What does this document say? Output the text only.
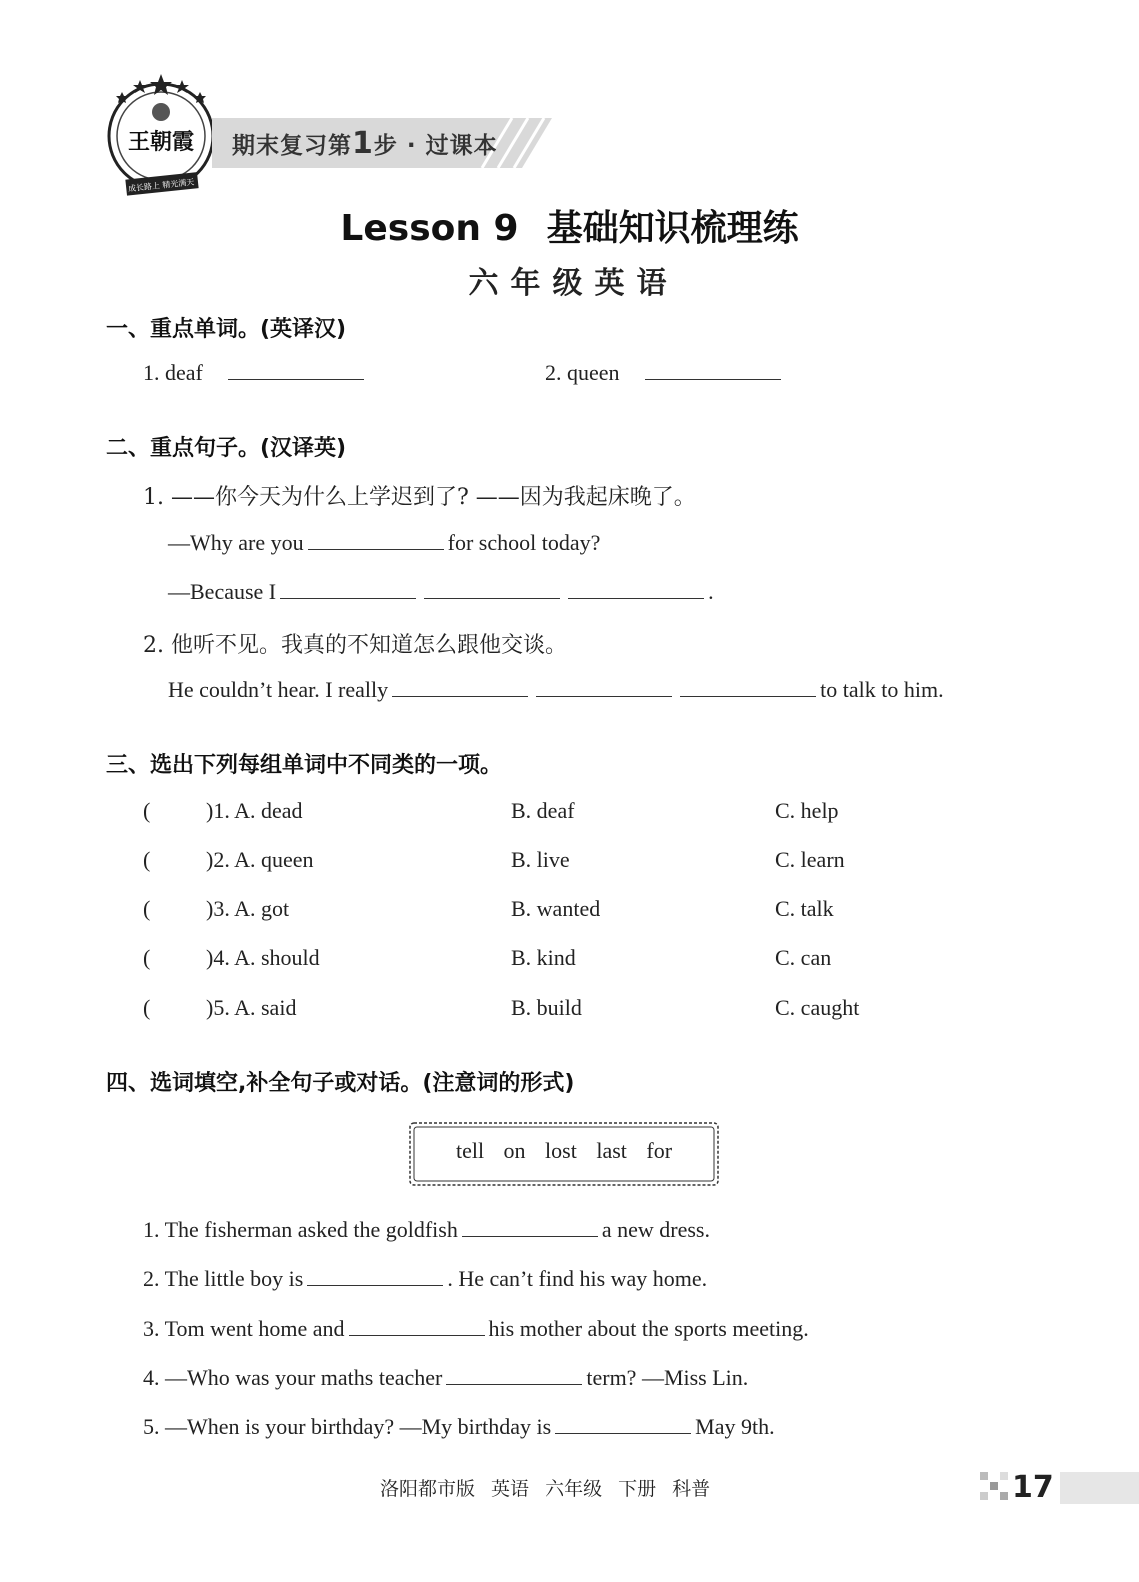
王朝霞
成长路上 精光满天
期末复习第1步 · 过课本
Lesson 9 基础知识梳理练
六年级英语
一、重点单词。(英译汉)
1. deaf	2. queen
二、重点句子。(汉译英)
1. ——你今天为什么上学迟到了? ——因为我起床晚了。
—Why are you	for school today?
—Because I	.
2. 他听不见。我真的不知道怎么跟他交谈。
He couldn’t hear. I really	to talk to him.
三、选出下列每组单词中不同类的一项。
(	)1. A. dead	B. deaf	C. help
(	)2. A. queen	B. live	C. learn
(	)3. A. got	B. wanted	C. talk
(	)4. A. should	B. kind	C. can
(	)5. A. said	B. build	C. caught
四、选词填空,补全句子或对话。(注意词的形式)
tell on lost last for
1. The fisherman asked the goldfish	a new dress.
2. The little boy is	. He can’t find his way home.
3. Tom went home and	his mother about the sports meeting.
4. —Who was your maths teacher	term? —Miss Lin.
5. —When is your birthday? —My birthday is	May 9th.
洛阳都市版 英语 六年级 下册 科普	17
